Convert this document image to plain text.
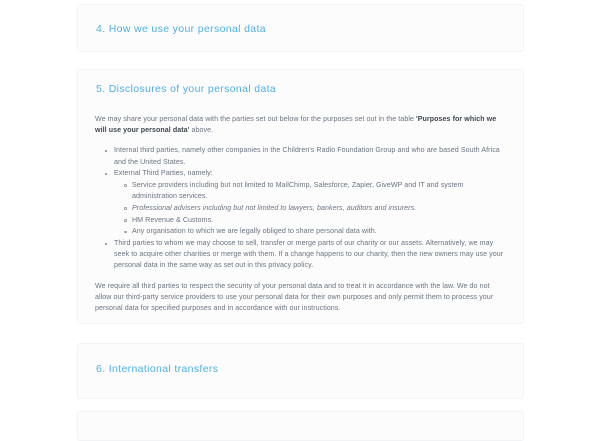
4. How we use your personal data
5. Disclosures of your personal data

We may share your personal data with the parties set out below for the purposes set out in the table 'Purposes for which we will use your personal data' above.

Internal third parties, namely other companies in the Children's Radio Foundation Group and who are based South Africa and the United States.
External Third Parties, namely:
Service providers including but not limited to MailChimp, Salesforce, Zapier, GiveWP and IT and system administration services.
Professional advisers including but not limited to lawyers, bankers, auditors and insurers.
HM Revenue & Customs.
Any organisation to which we are legally obliged to share personal data with.
Third parties to whom we may choose to sell, transfer or merge parts of our charity or our assets. Alternatively, we may seek to acquire other charities or merge with them. If a change happens to our charity, then the new owners may use your personal data in the same way as set out in this privacy policy.

We require all third parties to respect the security of your personal data and to treat it in accordance with the law. We do not allow our third-party service providers to use your personal data for their own purposes and only permit them to process your personal data for specified purposes and in accordance with our instructions.

6. International transfers
